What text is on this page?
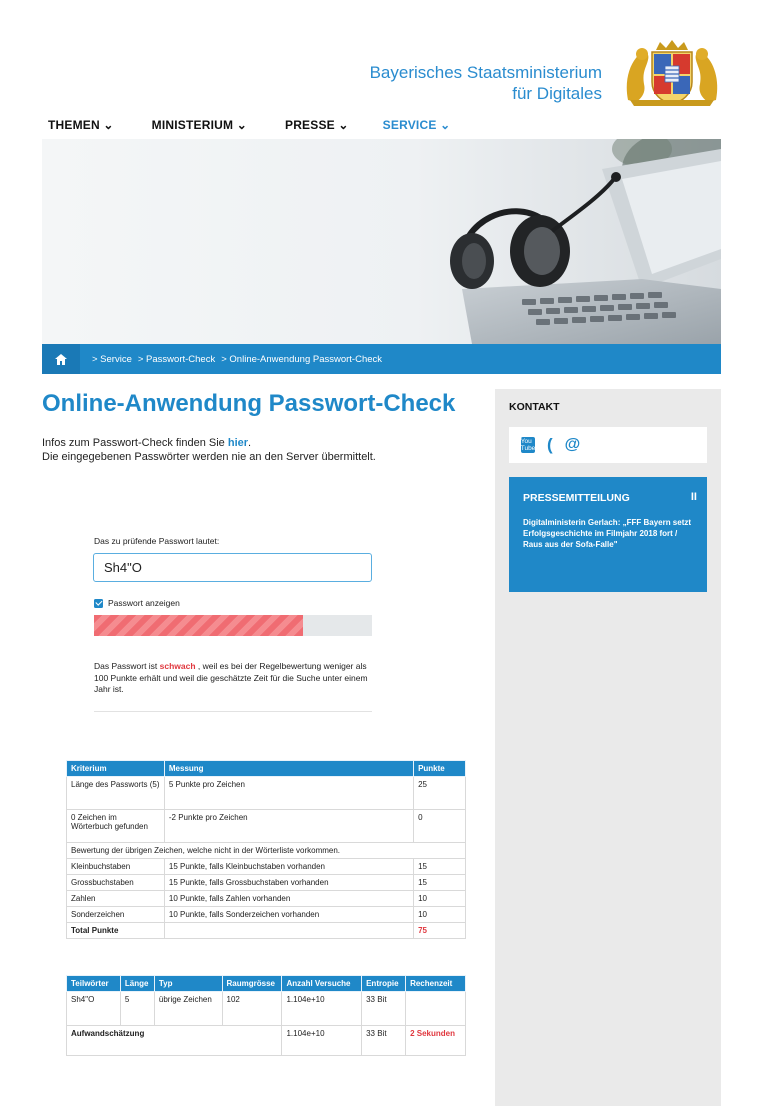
Bayerisches Staatsministerium
für Digitales
THEMEN ⌄	MINISTERIUM ⌄	PRESSE ⌄	SERVICE ⌄
> Service > Passwort-Check > Online-Anwendung Passwort-Check
Online-Anwendung Passwort-Check
Infos zum Passwort-Check finden Sie hier.
Die eingegebenen Passwörter werden nie an den Server übermittelt.
Das zu prüfende Passwort lautet:
Sh4"O
Passwort anzeigen
Das Passwort ist schwach , weil es bei der Regelbewertung weniger als 100 Punkte erhält und weil die geschätzte Zeit für die Suche unter einem Jahr ist.
Kriterium	Messung	Punkte
Länge des Passworts (5)	5 Punkte pro Zeichen	25
0 Zeichen im Wörterbuch gefunden	-2 Punkte pro Zeichen	0
Bewertung der übrigen Zeichen, welche nicht in der Wörterliste vorkommen.		
Kleinbuchstaben	15 Punkte, falls Kleinbuchstaben vorhanden	15
Grossbuchstaben	15 Punkte, falls Grossbuchstaben vorhanden	15
Zahlen	10 Punkte, falls Zahlen vorhanden	10
Sonderzeichen	10 Punkte, falls Sonderzeichen vorhanden	10
Total Punkte		75
Teilwörter	Länge	Typ	Raumgrösse	Anzahl Versuche	Entropie	Rechenzeit
Sh4"O	5	übrige Zeichen	102	1.104e+10	33 Bit	
Aufwandschätzung				1.104e+10	33 Bit	2 Sekunden
KONTAKT
You Tube ( @
PRESSEMITTEILUNG	II
Digitalministerin Gerlach: „FFF Bayern setzt Erfolgsgeschichte im Filmjahr 2018 fort / Raus aus der Sofa-Falle"
